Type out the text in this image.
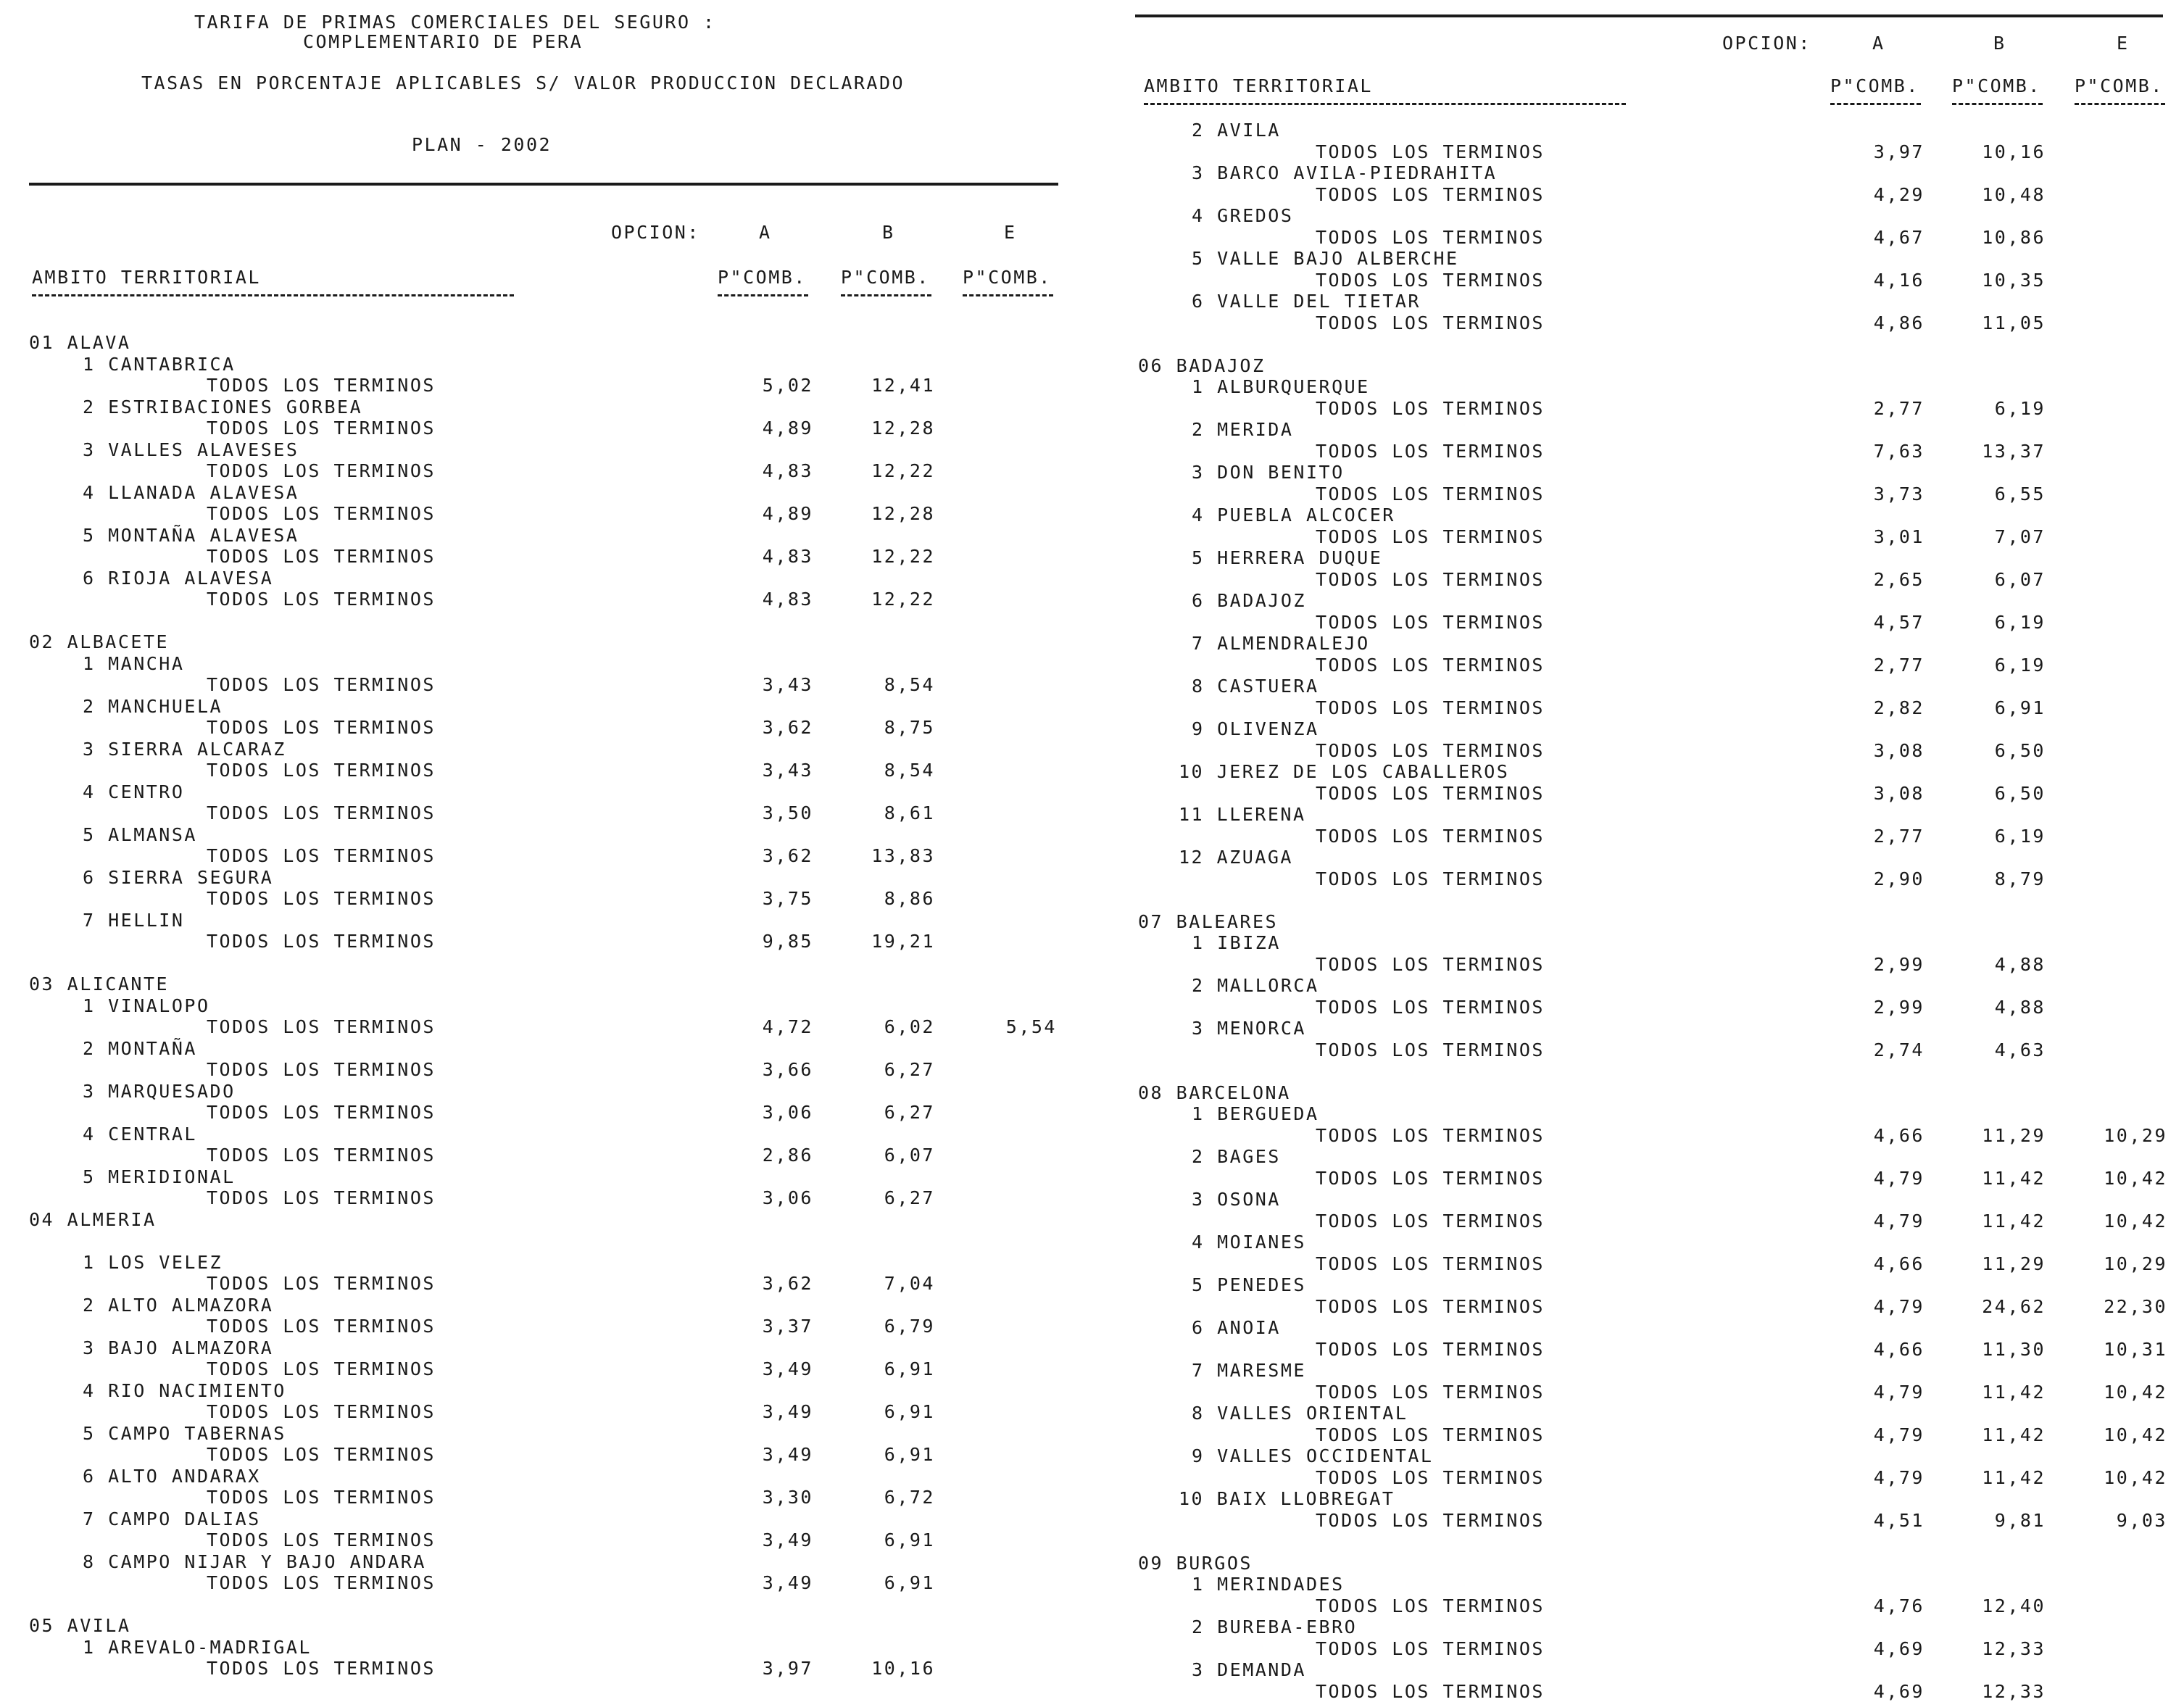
TARIFA DE PRIMAS COMERCIALES DEL SEGURO :
COMPLEMENTARIO DE PERA
TASAS EN PORCENTAJE APLICABLES S/ VALOR PRODUCCION DECLARADO
PLAN - 2002
OPCION:	A	B	E
AMBITO TERRITORIAL	P"COMB. P"COMB. P"COMB.
01 ALAVA
1 CANTABRICA
TODOS LOS TERMINOS	5,02	12,41
2 ESTRIBACIONES GORBEA
TODOS LOS TERMINOS	4,89	12,28
3 VALLES ALAVESES
TODOS LOS TERMINOS	4,83	12,22
4 LLANADA ALAVESA
TODOS LOS TERMINOS	4,89	12,28
5 MONTAÑA ALAVESA
TODOS LOS TERMINOS	4,83	12,22
6 RIOJA ALAVESA
TODOS LOS TERMINOS	4,83	12,22
02 ALBACETE
1 MANCHA
TODOS LOS TERMINOS	3,43	8,54
2 MANCHUELA
TODOS LOS TERMINOS	3,62	8,75
3 SIERRA ALCARAZ
TODOS LOS TERMINOS	3,43	8,54
4 CENTRO
TODOS LOS TERMINOS	3,50	8,61
5 ALMANSA
TODOS LOS TERMINOS	3,62	13,83
6 SIERRA SEGURA
TODOS LOS TERMINOS	3,75	8,86
7 HELLIN
TODOS LOS TERMINOS	9,85	19,21
03 ALICANTE
1 VINALOPO
TODOS LOS TERMINOS	4,72	6,02	5,54
2 MONTAÑA
TODOS LOS TERMINOS	3,66	6,27
3 MARQUESADO
TODOS LOS TERMINOS	3,06	6,27
4 CENTRAL
TODOS LOS TERMINOS	2,86	6,07
5 MERIDIONAL
TODOS LOS TERMINOS	3,06	6,27
04 ALMERIA
1 LOS VELEZ
TODOS LOS TERMINOS	3,62	7,04
2 ALTO ALMAZORA
TODOS LOS TERMINOS	3,37	6,79
3 BAJO ALMAZORA
TODOS LOS TERMINOS	3,49	6,91
4 RIO NACIMIENTO
TODOS LOS TERMINOS	3,49	6,91
5 CAMPO TABERNAS
TODOS LOS TERMINOS	3,49	6,91
6 ALTO ANDARAX
TODOS LOS TERMINOS	3,30	6,72
7 CAMPO DALIAS
TODOS LOS TERMINOS	3,49	6,91
8 CAMPO NIJAR Y BAJO ANDARA
TODOS LOS TERMINOS	3,49	6,91
05 AVILA
1 AREVALO-MADRIGAL
TODOS LOS TERMINOS	3,97	10,16
OPCION:	A	B	E
AMBITO TERRITORIAL	P"COMB. P"COMB. P"COMB.
2 AVILA
TODOS LOS TERMINOS	3,97	10,16
3 BARCO AVILA-PIEDRAHITA
TODOS LOS TERMINOS	4,29	10,48
4 GREDOS
TODOS LOS TERMINOS	4,67	10,86
5 VALLE BAJO ALBERCHE
TODOS LOS TERMINOS	4,16	10,35
6 VALLE DEL TIETAR
TODOS LOS TERMINOS	4,86	11,05
06 BADAJOZ
1 ALBURQUERQUE
TODOS LOS TERMINOS	2,77	6,19
2 MERIDA
TODOS LOS TERMINOS	7,63	13,37
3 DON BENITO
TODOS LOS TERMINOS	3,73	6,55
4 PUEBLA ALCOCER
TODOS LOS TERMINOS	3,01	7,07
5 HERRERA DUQUE
TODOS LOS TERMINOS	2,65	6,07
6 BADAJOZ
TODOS LOS TERMINOS	4,57	6,19
7 ALMENDRALEJO
TODOS LOS TERMINOS	2,77	6,19
8 CASTUERA
TODOS LOS TERMINOS	2,82	6,91
9 OLIVENZA
TODOS LOS TERMINOS	3,08	6,50
10 JEREZ DE LOS CABALLEROS
TODOS LOS TERMINOS	3,08	6,50
11 LLERENA
TODOS LOS TERMINOS	2,77	6,19
12 AZUAGA
TODOS LOS TERMINOS	2,90	8,79
07 BALEARES
1 IBIZA
TODOS LOS TERMINOS	2,99	4,88
2 MALLORCA
TODOS LOS TERMINOS	2,99	4,88
3 MENORCA
TODOS LOS TERMINOS	2,74	4,63
08 BARCELONA
1 BERGUEDA
TODOS LOS TERMINOS	4,66	11,29	10,29
2 BAGES
TODOS LOS TERMINOS	4,79	11,42	10,42
3 OSONA
TODOS LOS TERMINOS	4,79	11,42	10,42
4 MOIANES
TODOS LOS TERMINOS	4,66	11,29	10,29
5 PENEDES
TODOS LOS TERMINOS	4,79	24,62	22,30
6 ANOIA
TODOS LOS TERMINOS	4,66	11,30	10,31
7 MARESME
TODOS LOS TERMINOS	4,79	11,42	10,42
8 VALLES ORIENTAL
TODOS LOS TERMINOS	4,79	11,42	10,42
9 VALLES OCCIDENTAL
TODOS LOS TERMINOS	4,79	11,42	10,42
10 BAIX LLOBREGAT
TODOS LOS TERMINOS	4,51	9,81	9,03
09 BURGOS
1 MERINDADES
TODOS LOS TERMINOS	4,76	12,40
2 BUREBA-EBRO
TODOS LOS TERMINOS	4,69	12,33
3 DEMANDA
TODOS LOS TERMINOS	4,69	12,33
